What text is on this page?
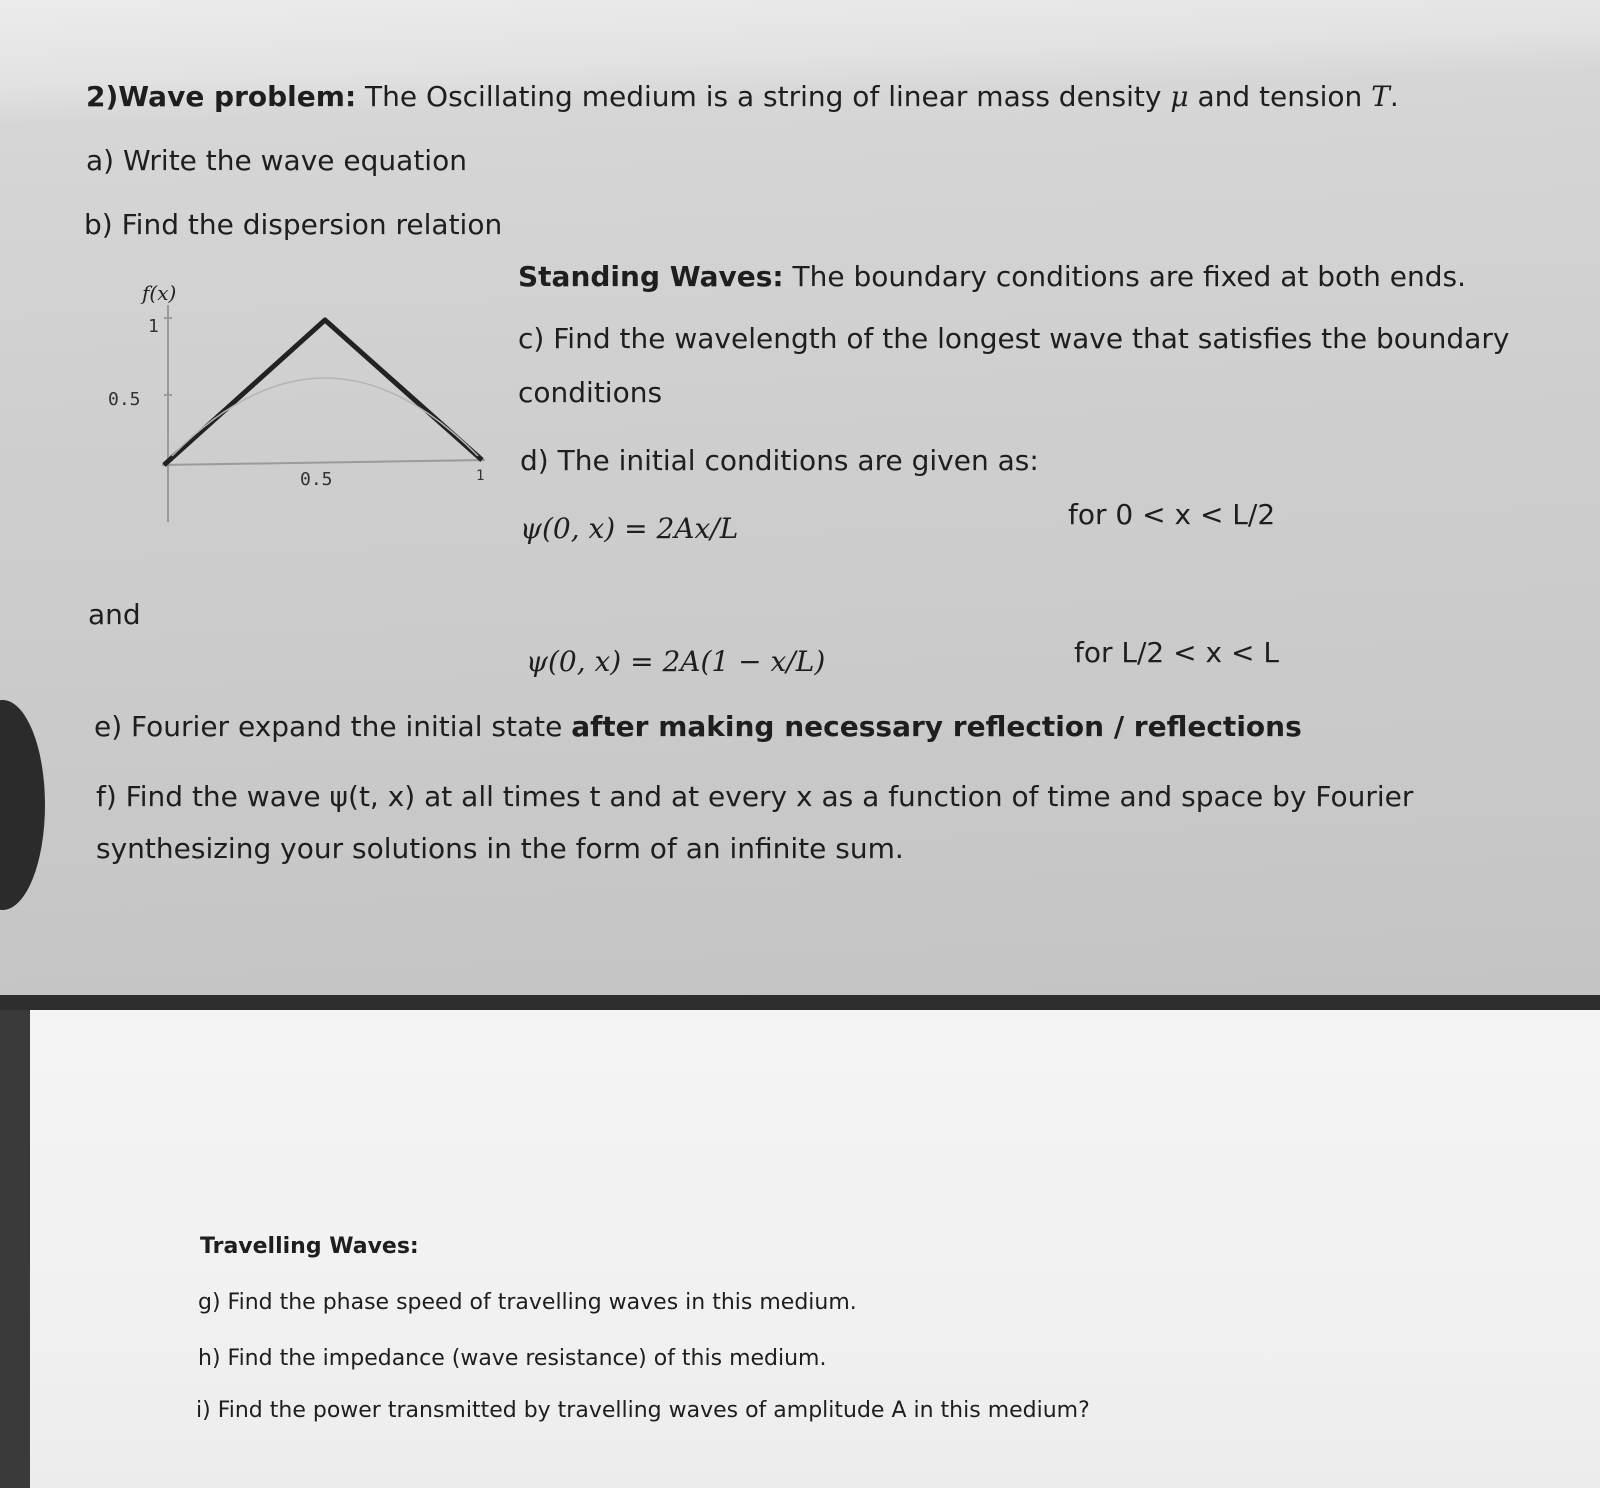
2)Wave problem: The Oscillating medium is a string of linear mass density μ and tension T.
a) Write the wave equation
b) Find the dispersion relation
f(x)
1
0.5
0.5	1
Standing Waves: The boundary conditions are fixed at both ends.
c) Find the wavelength of the longest wave that satisfies the boundary
conditions
d) The initial conditions are given as:
ψ(0, x) = 2Ax/L	for 0 < x < L/2
and
ψ(0, x) = 2A(1 − x/L)	for L/2 < x < L
e) Fourier expand the initial state after making necessary reflection / reflections
f) Find the wave ψ(t, x) at all times t and at every x as a function of time and space by Fourier
synthesizing your solutions in the form of an infinite sum.
Travelling Waves:
g) Find the phase speed of travelling waves in this medium.
h) Find the impedance (wave resistance) of this medium.
i) Find the power transmitted by travelling waves of amplitude A in this medium?
